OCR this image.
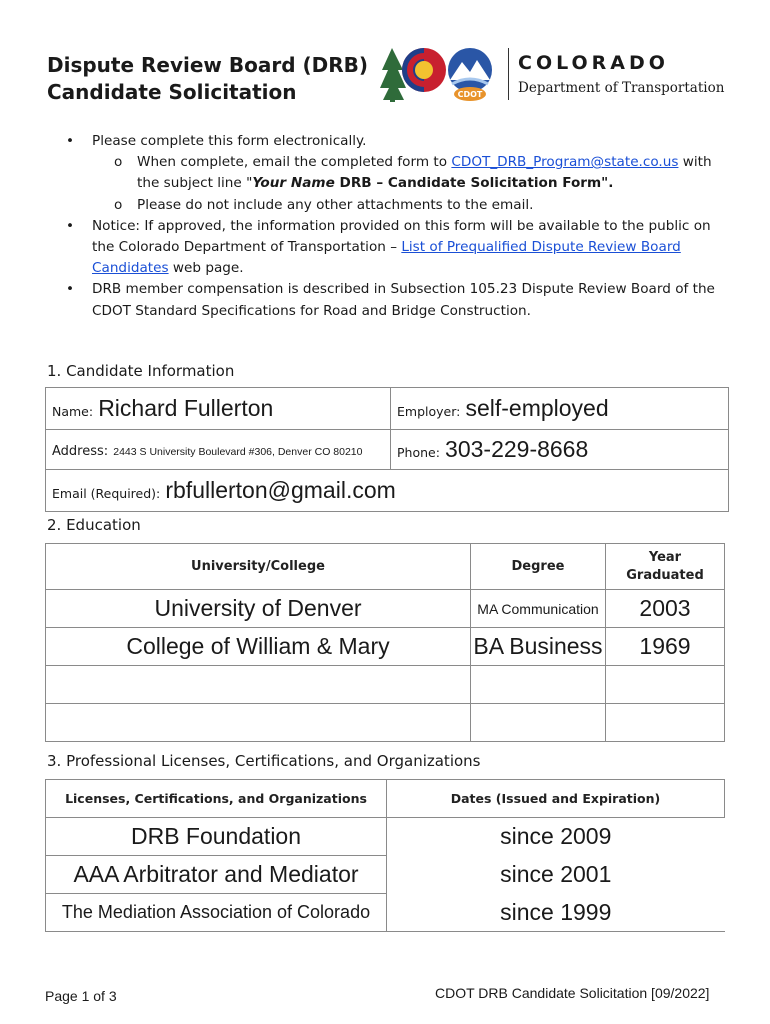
Dispute Review Board (DRB)
Candidate Solicitation	CDOT
COLORADO
Department of Transportation
• Please complete this form electronically.
o When complete, email the completed form to CDOT_DRB_Program@state.co.us with the subject line "Your Name DRB – Candidate Solicitation Form".
o Please do not include any other attachments to the email.
• Notice: If approved, the information provided on this form will be available to the public on the Colorado Department of Transportation – List of Prequalified Dispute Review Board Candidates web page.
• DRB member compensation is described in Subsection 105.23 Dispute Review Board of the CDOT Standard Specifications for Road and Bridge Construction.
1. Candidate Information
Name: Richard Fullerton	Employer: self-employed
Address: 2443 S University Boulevard #306, Denver CO 80210	Phone: 303-229-8668
Email (Required): rbfullerton@gmail.com	
2. Education
University/College	Degree	Year
Graduated

University of Denver	MA Communication	2003
College of William & Mary	BA Business	1969

3. Professional Licenses, Certifications, and Organizations
Licenses, Certifications, and Organizations	Dates (Issued and Expiration)
DRB Foundation	since 2009
AAA Arbitrator and Mediator	since 2001
The Mediation Association of Colorado	since 1999
Page 1 of 3	CDOT DRB Candidate Solicitation [09/2022]
